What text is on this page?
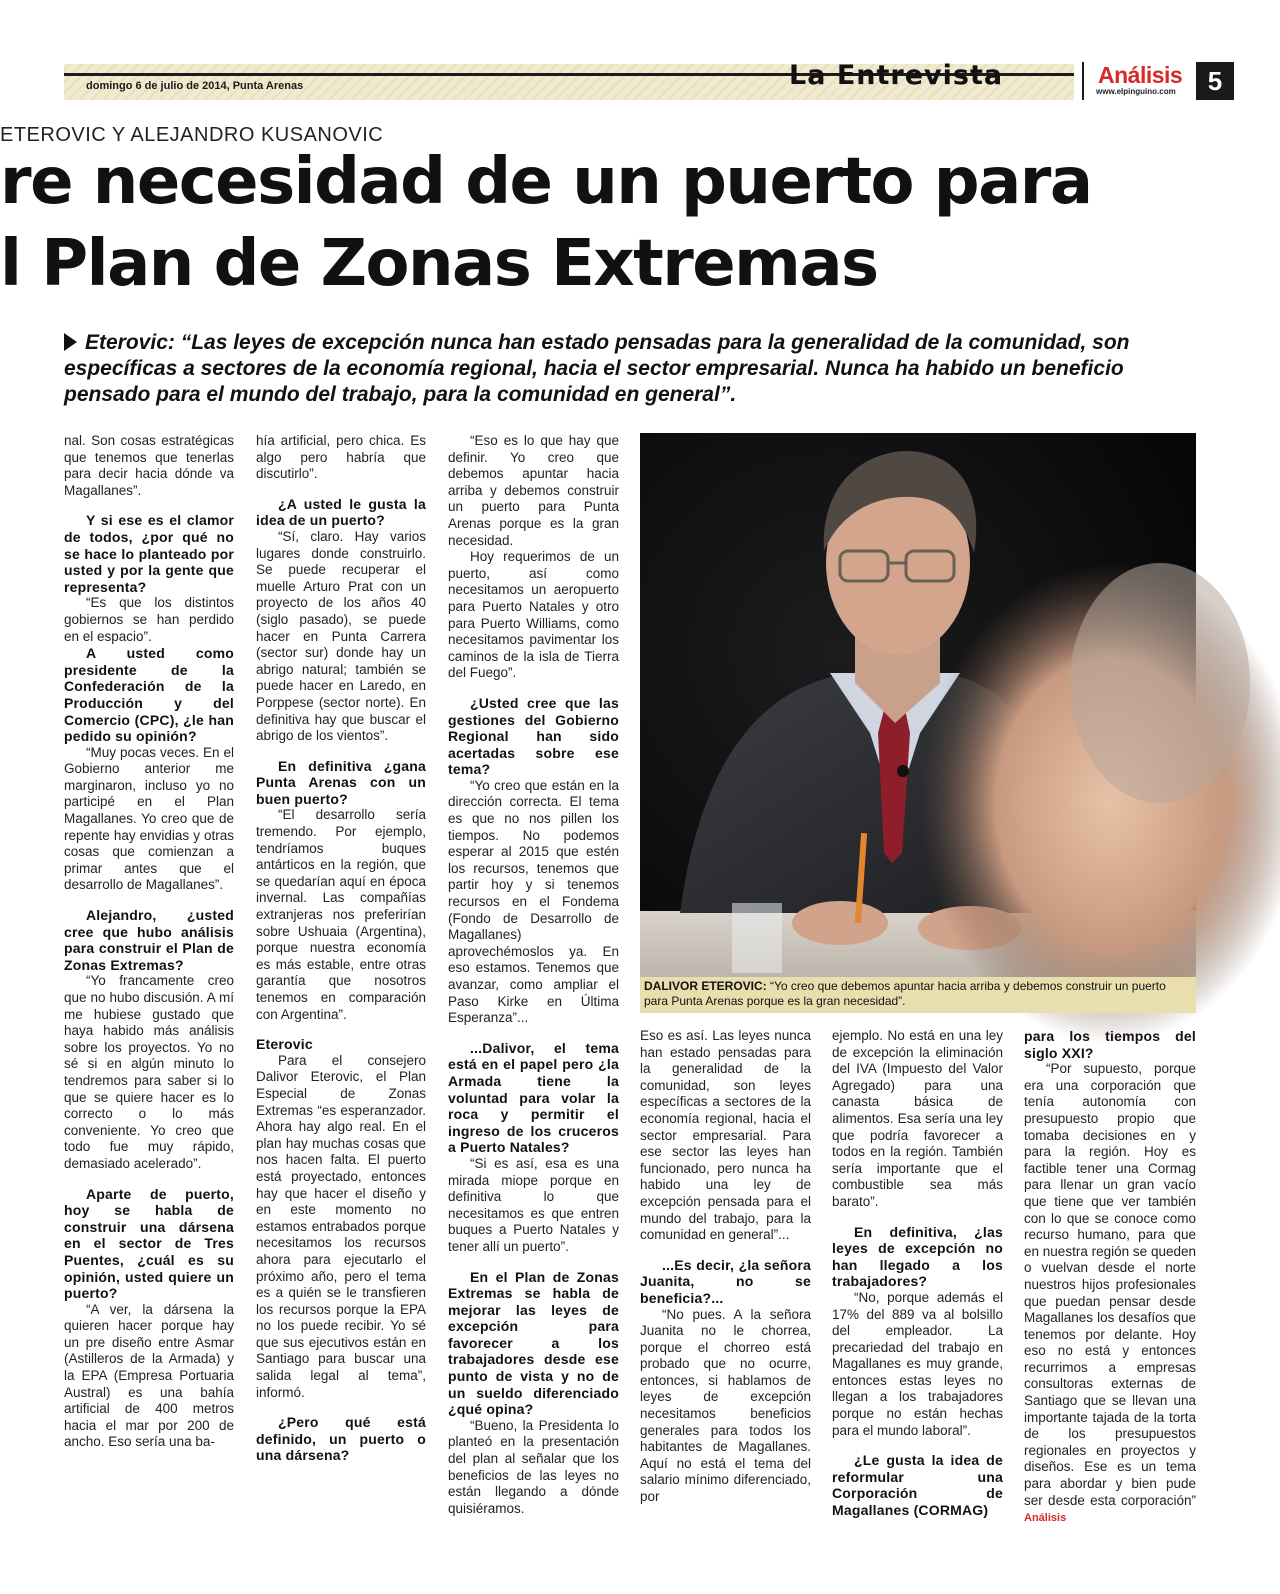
domingo 6 de julio de 2014, Punta Arenas	La Entrevista	Análisis
www.elpinguino.com	5
ETEROVIC Y ALEJANDRO KUSANOVIC
re necesidad de un puerto para
l Plan de Zonas Extremas
Eterovic: “Las leyes de excepción nunca han estado pensadas para la generalidad de la comunidad, son específicas a sectores de la economía regional, hacia el sector empresarial. Nunca ha habido un beneficio pensado para el mundo del trabajo, para la comunidad en general”.

nal. Son cosas estratégicas que tenemos que tenerlas para decir hacia dónde va Magallanes”.

Y si ese es el clamor de todos, ¿por qué no se hace lo planteado por usted y por la gente que representa?

“Es que los distintos gobiernos se han perdido en el espacio”.

A usted como presidente de la Confederación de la Producción y del Comercio (CPC), ¿le han pedido su opinión?

“Muy pocas veces. En el Gobierno anterior me marginaron, incluso yo no participé en el Plan Magallanes. Yo creo que de repente hay envidias y otras cosas que comienzan a primar antes que el desarrollo de Magallanes”.

Alejandro, ¿usted cree que hubo análisis para construir el Plan de Zonas Extremas?

“Yo francamente creo que no hubo discusión. A mí me hubiese gustado que haya habido más análisis sobre los proyectos. Yo no sé si en algún minuto lo tendremos para saber si lo que se quiere hacer es lo correcto o lo más conveniente. Yo creo que todo fue muy rápido, demasiado acelerado”.

Aparte de puerto, hoy se habla de construir una dársena en el sector de Tres Puentes, ¿cuál es su opinión, usted quiere un puerto?

“A ver, la dársena la quieren hacer porque hay un pre diseño entre Asmar (Astilleros de la Armada) y la EPA (Empresa Portuaria Austral) es una bahía artificial de 400 metros hacia el mar por 200 de ancho. Eso sería una ba-

hía artificial, pero chica. Es algo pero habría que discutirlo”.

¿A usted le gusta la idea de un puerto?

“Sí, claro. Hay varios lugares donde construirlo. Se puede recuperar el muelle Arturo Prat con un proyecto de los años 40 (siglo pasado), se puede hacer en Punta Carrera (sector sur) donde hay un abrigo natural; también se puede hacer en Laredo, en Porppese (sector norte). En definitiva hay que buscar el abrigo de los vientos”.

En definitiva ¿gana Punta Arenas con un buen puerto?

“El desarrollo sería tremendo. Por ejemplo, tendríamos buques antárticos en la región, que se quedarían aquí en época invernal. Las compañías extranjeras nos preferirían sobre Ushuaia (Argentina), porque nuestra economía es más estable, entre otras garantía que nosotros tenemos en comparación con Argentina”.

Eterovic

Para el consejero Dalivor Eterovic, el Plan Especial de Zonas Extremas “es esperanzador. Ahora hay algo real. En el plan hay muchas cosas que nos hacen falta. El puerto está proyectado, entonces hay que hacer el diseño y en este momento no estamos entrabados porque necesitamos los recursos ahora para ejecutarlo el próximo año, pero el tema es a quién se le transfieren los recursos porque la EPA no los puede recibir. Yo sé que sus ejecutivos están en Santiago para buscar una salida legal al tema”, informó.

¿Pero qué está definido, un puerto o una dársena?

“Eso es lo que hay que definir. Yo creo que debemos apuntar hacia arriba y debemos construir un puerto para Punta Arenas porque es la gran necesidad.

Hoy requerimos de un puerto, así como necesitamos un aeropuerto para Puerto Natales y otro para Puerto Williams, como necesitamos pavimentar los caminos de la isla de Tierra del Fuego”.

¿Usted cree que las gestiones del Gobierno Regional han sido acertadas sobre ese tema?

“Yo creo que están en la dirección correcta. El tema es que no nos pillen los tiempos. No podemos esperar al 2015 que estén los recursos, tenemos que partir hoy y si tenemos recursos en el Fondema (Fondo de Desarrollo de Magallanes) aprovechémoslos ya. En eso estamos. Tenemos que avanzar, como ampliar el Paso Kirke en Última Esperanza”...

...Dalivor, el tema está en el papel pero ¿la Armada tiene la voluntad para volar la roca y permitir el ingreso de los cruceros a Puerto Natales?

“Si es así, esa es una mirada miope porque en definitiva lo que necesitamos es que entren buques a Puerto Natales y tener allí un puerto”.

En el Plan de Zonas Extremas se habla de mejorar las leyes de excepción para favorecer a los trabajadores desde ese punto de vista y no de un sueldo diferenciado ¿qué opina?

“Bueno, la Presidenta lo planteó en la presentación del plan al señalar que los beneficios de las leyes no están llegando a dónde quisiéramos.

DALIVOR ETEROVIC: “Yo creo que debemos apuntar hacia arriba y debemos construir un puerto para Punta Arenas porque es la gran necesidad”.

Eso es así. Las leyes nunca han estado pensadas para la generalidad de la comunidad, son leyes específicas a sectores de la economía regional, hacia el sector empresarial. Para ese sector las leyes han funcionado, pero nunca ha habido una ley de excepción pensada para el mundo del trabajo, para la comunidad en general”...

...Es decir, ¿la señora Juanita, no se beneficia?...

“No pues. A la señora Juanita no le chorrea, porque el chorreo está probado que no ocurre, entonces, si hablamos de leyes de excepción necesitamos beneficios generales para todos los habitantes de Magallanes. Aquí no está el tema del salario mínimo diferenciado, por

ejemplo. No está en una ley de excepción la eliminación del IVA (Impuesto del Valor Agregado) para una canasta básica de alimentos. Esa sería una ley que podría favorecer a todos en la región. También sería importante que el combustible sea más barato”.

En definitiva, ¿las leyes de excepción no han llegado a los trabajadores?

“No, porque además el 17% del 889 va al bolsillo del empleador. La precariedad del trabajo en Magallanes es muy grande, entonces estas leyes no llegan a los trabajadores porque no están hechas para el mundo laboral”.

¿Le gusta la idea de reformular una Corporación de Magallanes (CORMAG)

para los tiempos del siglo XXI?

“Por supuesto, porque era una corporación que tenía autonomía con presupuesto propio que tomaba decisiones en y para la región. Hoy es factible tener una Cormag para llenar un gran vacío que tiene que ver también con lo que se conoce como recurso humano, para que en nuestra región se queden o vuelvan desde el norte nuestros hijos profesionales que puedan pensar desde Magallanes los desafíos que tenemos por delante. Hoy eso no está y entonces recurrimos a empresas consultoras externas de Santiago que se llevan una importante tajada de la torta de los presupuestos regionales en proyectos y diseños. Ese es un tema para abordar y bien pude ser desde esta corporación” Análisis
